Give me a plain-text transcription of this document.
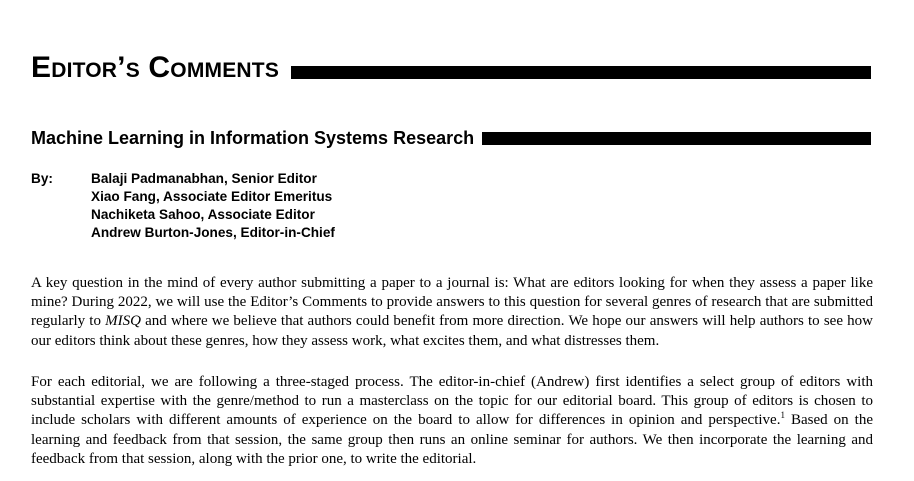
Editor’s Comments
Machine Learning in Information Systems Research
By:	Balaji Padmanabhan, Senior Editor
Xiao Fang, Associate Editor Emeritus
Nachiketa Sahoo, Associate Editor
Andrew Burton-Jones, Editor-in-Chief

A key question in the mind of every author submitting a paper to a journal is: What are editors looking for when they assess a paper like mine? During 2022, we will use the Editor’s Comments to provide answers to this question for several genres of research that are submitted regularly to MISQ and where we believe that authors could benefit from more direction. We hope our answers will help authors to see how our editors think about these genres, how they assess work, what excites them, and what distresses them.

For each editorial, we are following a three-staged process. The editor-in-chief (Andrew) first identifies a select group of editors with substantial expertise with the genre/method to run a masterclass on the topic for our editorial board. This group of editors is chosen to include scholars with different amounts of experience on the board to allow for differences in opinion and perspective.$^1$ Based on the learning and feedback from that session, the same group then runs an online seminar for authors. We then incorporate the learning and feedback from that session, along with the prior one, to write the editorial.
